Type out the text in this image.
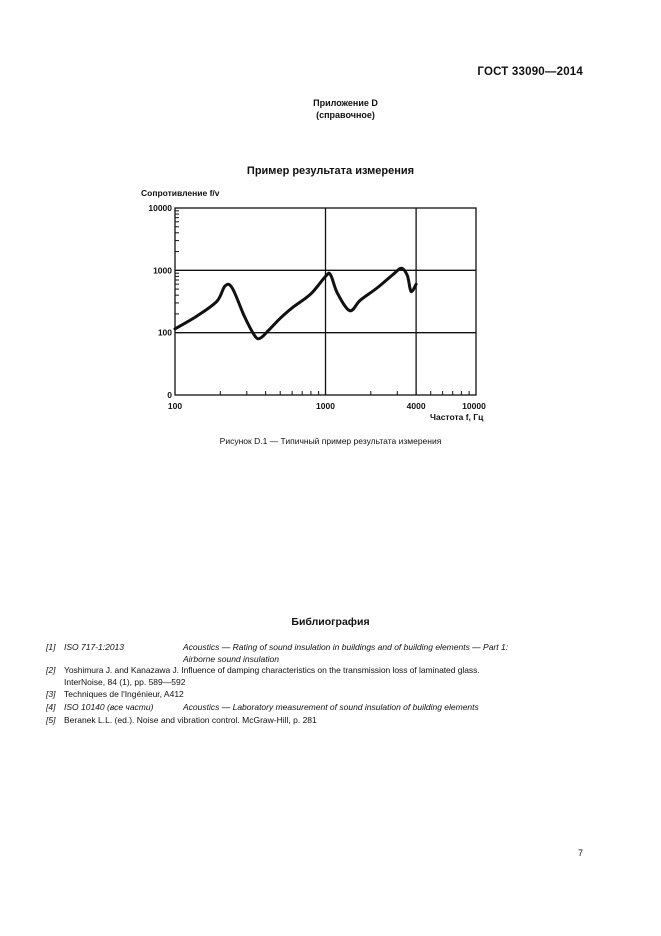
ГОСТ 33090—2014
Приложение D
(справочное)
Пример результата измерения
0
100
1000
10000
100	1000	4000	10000
Сопротивление f/v
Частота f, Гц
Рисунок D.1 — Типичный пример результата измерения
Библиография
[1] ISO 717-1:2013	Acoustics — Rating of sound insulation in buildings and of building elements — Part 1:
Airborne sound insulation
[2] Yoshimura J. and Kanazawa J. Influence of damping characteristics on the transmission loss of laminated glass.
InterNoise, 84 (1), pp. 589—592
[3] Techniques de l'Ingénieur, A412
[4] ISO 10140 (все части)	Acoustics — Laboratory measurement of sound insulation of building elements
[5] Beranek L.L. (ed.). Noise and vibration control. McGraw-Hill, p. 281
7
